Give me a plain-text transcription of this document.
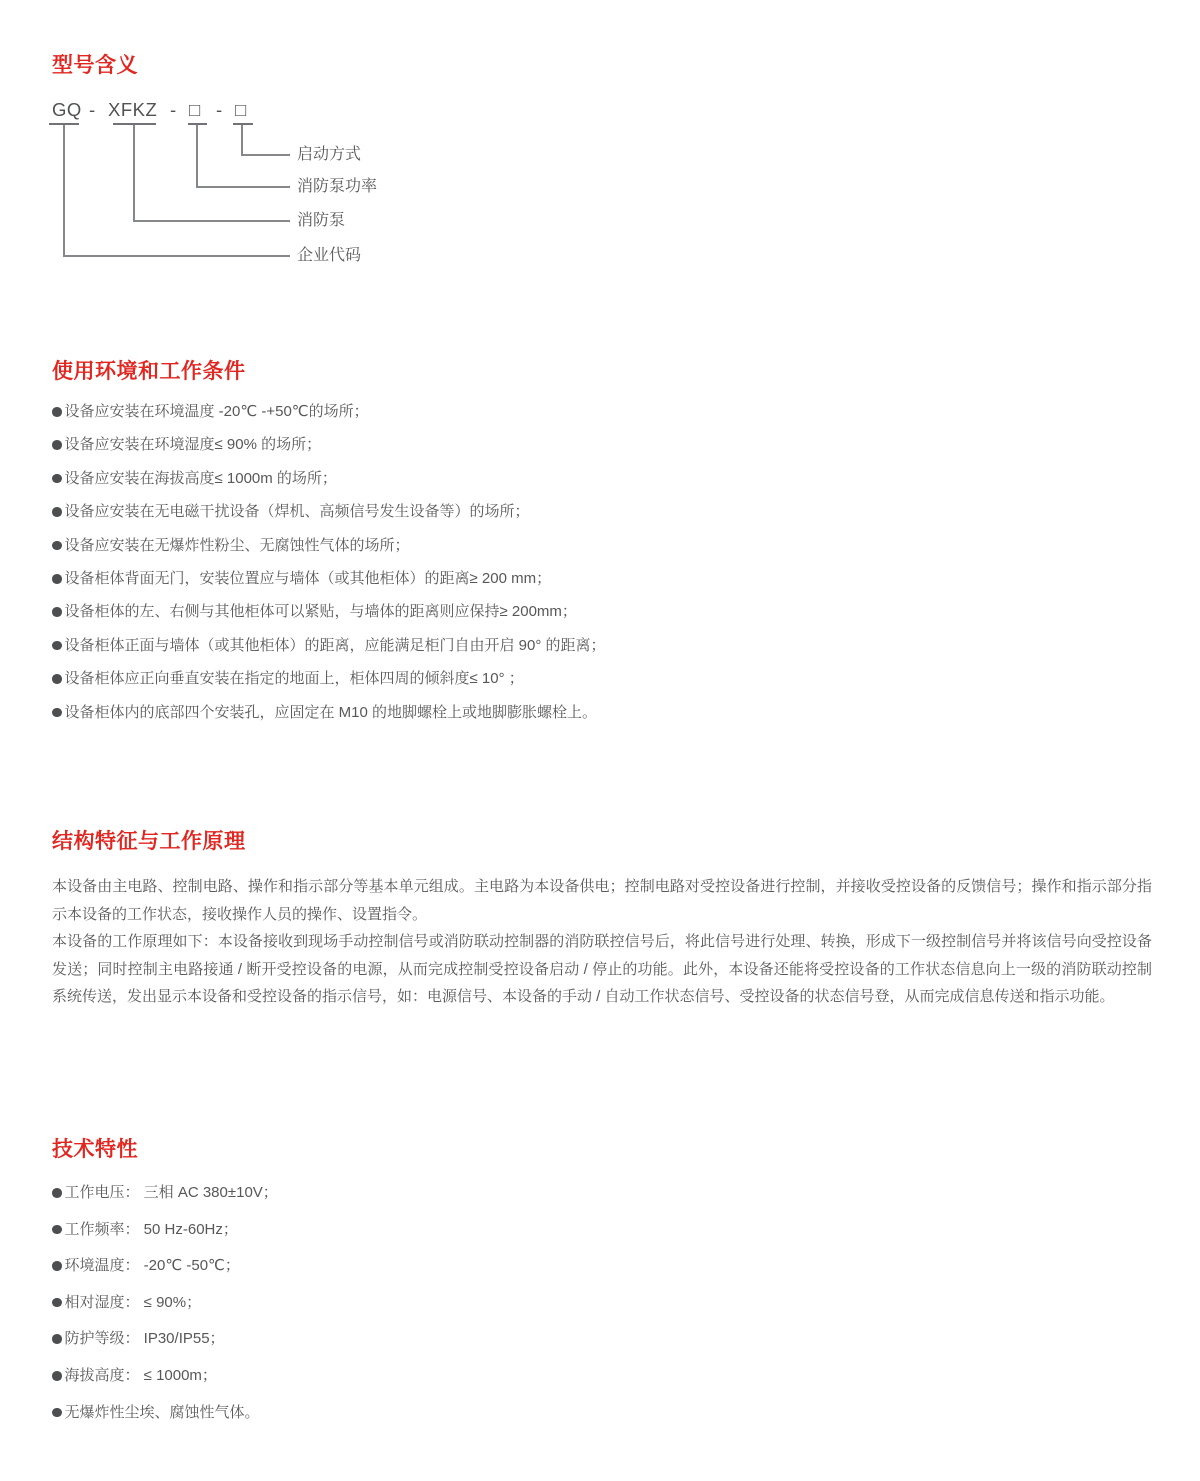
型号含义
GQ - XFKZ - □ - □
启动方式
消防泵功率
消防泵
企业代码
使用环境和工作条件
设备应安装在环境温度 -20℃ -+50℃的场所；
设备应安装在环境湿度≤ 90% 的场所；
设备应安装在海拔高度≤ 1000m 的场所；
设备应安装在无电磁干扰设备（焊机、高频信号发生设备等）的场所；
设备应安装在无爆炸性粉尘、无腐蚀性气体的场所；
设备柜体背面无门，安装位置应与墙体（或其他柜体）的距离≥ 200 mm；
设备柜体的左、右侧与其他柜体可以紧贴，与墙体的距离则应保持≥ 200mm；
设备柜体正面与墙体（或其他柜体）的距离，应能满足柜门自由开启 90° 的距离；
设备柜体应正向垂直安装在指定的地面上，柜体四周的倾斜度≤ 10° ；
设备柜体内的底部四个安装孔，应固定在 M10 的地脚螺栓上或地脚膨胀螺栓上。
结构特征与工作原理

本设备由主电路、控制电路、操作和指示部分等基本单元组成。主电路为本设备供电；控制电路对受控设备进行控制，并接收受控设备的反馈信号；操作和指示部分指示本设备的工作状态，接收操作人员的操作、设置指令。

本设备的工作原理如下：本设备接收到现场手动控制信号或消防联动控制器的消防联控信号后，将此信号进行处理、转换，形成下一级控制信号并将该信号向受控设备发送；同时控制主电路接通 / 断开受控设备的电源，从而完成控制受控设备启动 / 停止的功能。此外，本设备还能将受控设备的工作状态信息向上一级的消防联动控制系统传送，发出显示本设备和受控设备的指示信号，如：电源信号、本设备的手动 / 自动工作状态信号、受控设备的状态信号登，从而完成信息传送和指示功能。

技术特性
工作电压： 三相 AC 380±10V；
工作频率： 50 Hz-60Hz；
环境温度： -20℃ -50℃；
相对湿度： ≤ 90%；
防护等级： IP30/IP55；
海拔高度： ≤ 1000m；
无爆炸性尘埃、腐蚀性气体。
